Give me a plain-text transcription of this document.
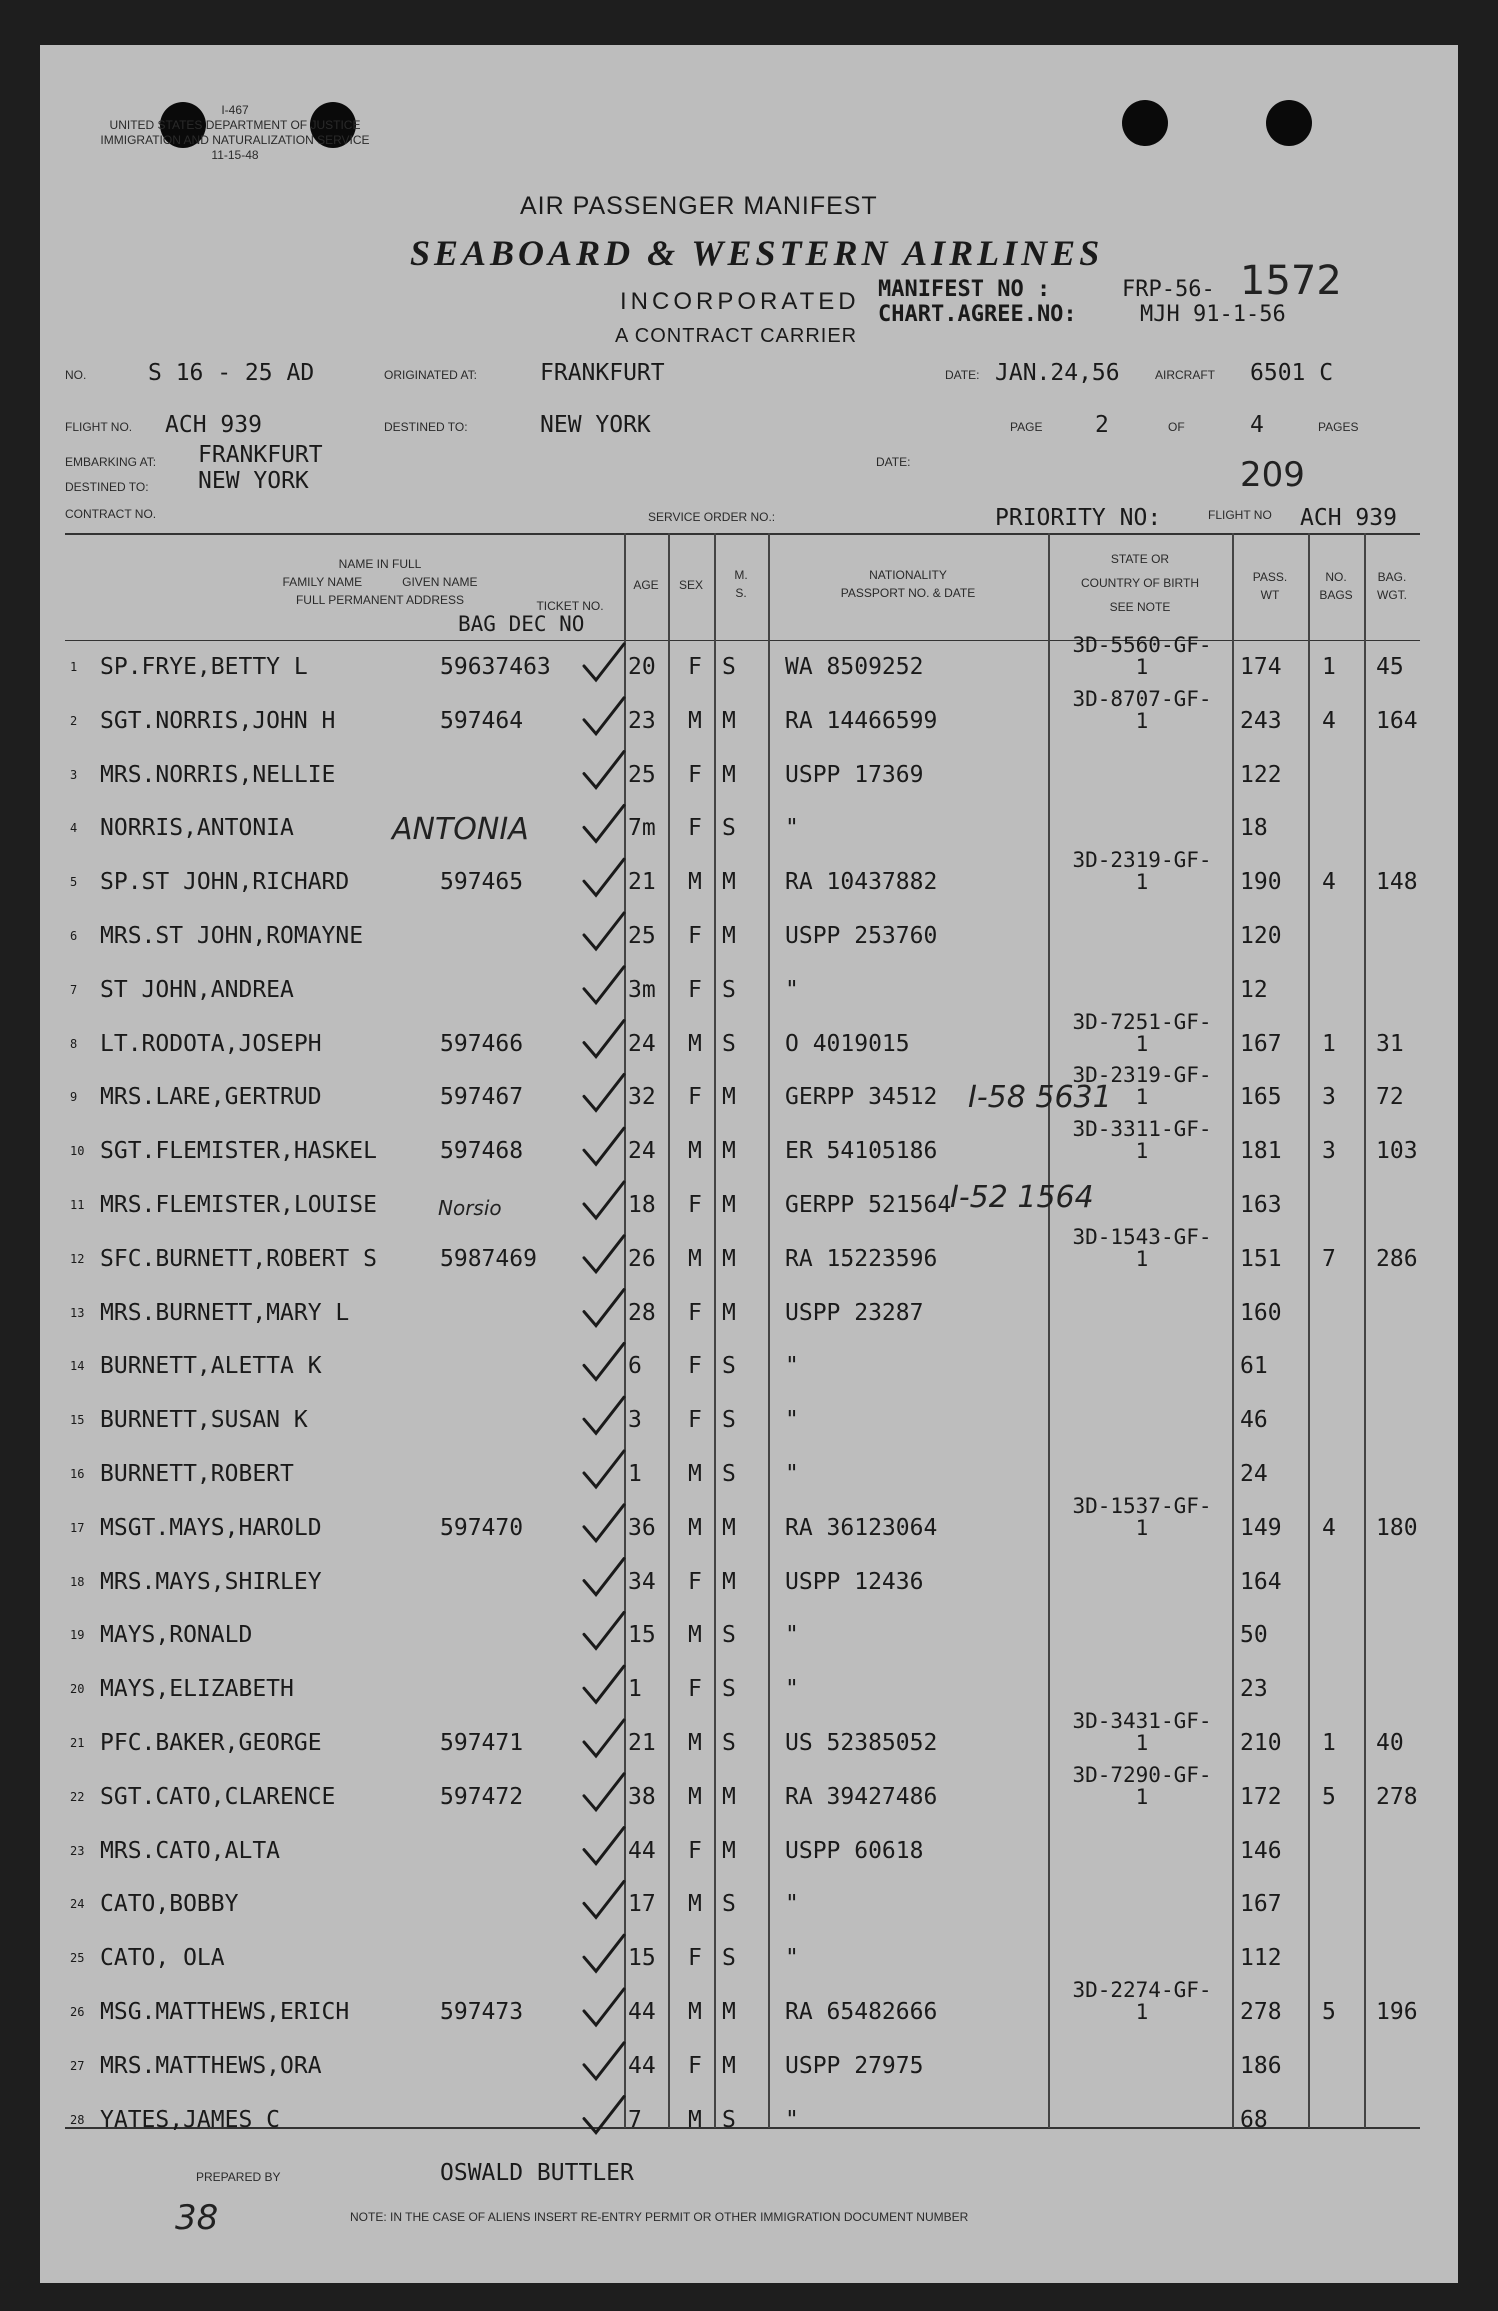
I-467
UNITED STATES DEPARTMENT OF JUSTICE
IMMIGRATION AND NATURALIZATION SERVICE
11-15-48
AIR PASSENGER MANIFEST
SEABOARD & WESTERN AIRLINES
INCORPORATED
A CONTRACT CARRIER
MANIFEST NO :	FRP-56- 1572
CHART.AGREE.NO:	MJH 91-1-56
NO.	S 16 - 25 AD	ORIGINATED AT:	FRANKFURT	DATE: JAN.24,56	AIRCRAFT 6501 C
FLIGHT NO. ACH 939	DESTINED TO:	NEW YORK	PAGE 2	OF	4	PAGES
EMBARKING AT: FRANKFURT
DESTINED TO: NEW YORK
DATE:	209
CONTRACT NO.	SERVICE ORDER NO.:	PRIORITY NO:	FLIGHT NO ACH 939
NAME IN FULL
FAMILY NAME	GIVEN NAME
FULL PERMANENT ADDRESS	TICKET NO.
BAG DEC NO
AGE	SEX
M.
S.
NATIONALITY
PASSPORT NO. & DATE
STATE OR
COUNTRY OF BIRTH
SEE NOTE
PASS.
WT
NO.
BAGS
BAG.
WGT.
1 SP.FRYE,BETTY L	59637463	20 F S WA 8509252
3D-5560-GF-
1	174 1 45
2 SGT.NORRIS,JOHN H	597464	23 M M RA 14466599
3D-8707-GF-
1	243 4 164
3 MRS.NORRIS,NELLIE	25 F M USPP 17369	122
4 NORRIS,ANTONIA	7m F S "	18
5 SP.ST JOHN,RICHARD	597465	21 M M RA 10437882
3D-2319-GF-
1	190 4 148
6 MRS.ST JOHN,ROMAYNE	25 F M USPP 253760	120
7 ST JOHN,ANDREA	3m F S "	12
8 LT.RODOTA,JOSEPH	597466	24 M S O 4019015
3D-7251-GF-
1	167 1 31
9 MRS.LARE,GERTRUD	597467	32 F M GERPP 34512
3D-2319-GF-
1	165 3 72
10 SGT.FLEMISTER,HASKEL	597468	24 M M ER 54105186
3D-3311-GF-
1	181 3 103
11 MRS.FLEMISTER,LOUISE	18 F M GERPP 521564	163
12 SFC.BURNETT,ROBERT S	5987469	26 M M RA 15223596
3D-1543-GF-
1	151 7 286
13 MRS.BURNETT,MARY L	28 F M USPP 23287	160
14 BURNETT,ALETTA K	6 F S "	61
15 BURNETT,SUSAN K	3 F S "	46
16 BURNETT,ROBERT	1 M S "	24
17 MSGT.MAYS,HAROLD	597470	36 M M RA 36123064
3D-1537-GF-
1	149 4 180
18 MRS.MAYS,SHIRLEY	34 F M USPP 12436	164
19 MAYS,RONALD	15 M S "	50
20 MAYS,ELIZABETH	1 F S "	23
21 PFC.BAKER,GEORGE	597471	21 M S US 52385052
3D-3431-GF-
1	210 1 40
22 SGT.CATO,CLARENCE	597472	38 M M RA 39427486
3D-7290-GF-
1	172 5 278
23 MRS.CATO,ALTA	44 F M USPP 60618	146
24 CATO,BOBBY	17 M S "	167
25 CATO, OLA	15 F S "	112
26 MSG.MATTHEWS,ERICH	597473	44 M M RA 65482666
3D-2274-GF-
1	278 5 196
27 MRS.MATTHEWS,ORA	44 F M USPP 27975	186
28 YATES,JAMES C	7 M S "	68
ANTONIA
I-58 5631
I-52 1564
Norsio
PREPARED BY	OSWALD BUTTLER
NOTE: IN THE CASE OF ALIENS INSERT RE-ENTRY PERMIT OR OTHER IMMIGRATION DOCUMENT NUMBER
38
